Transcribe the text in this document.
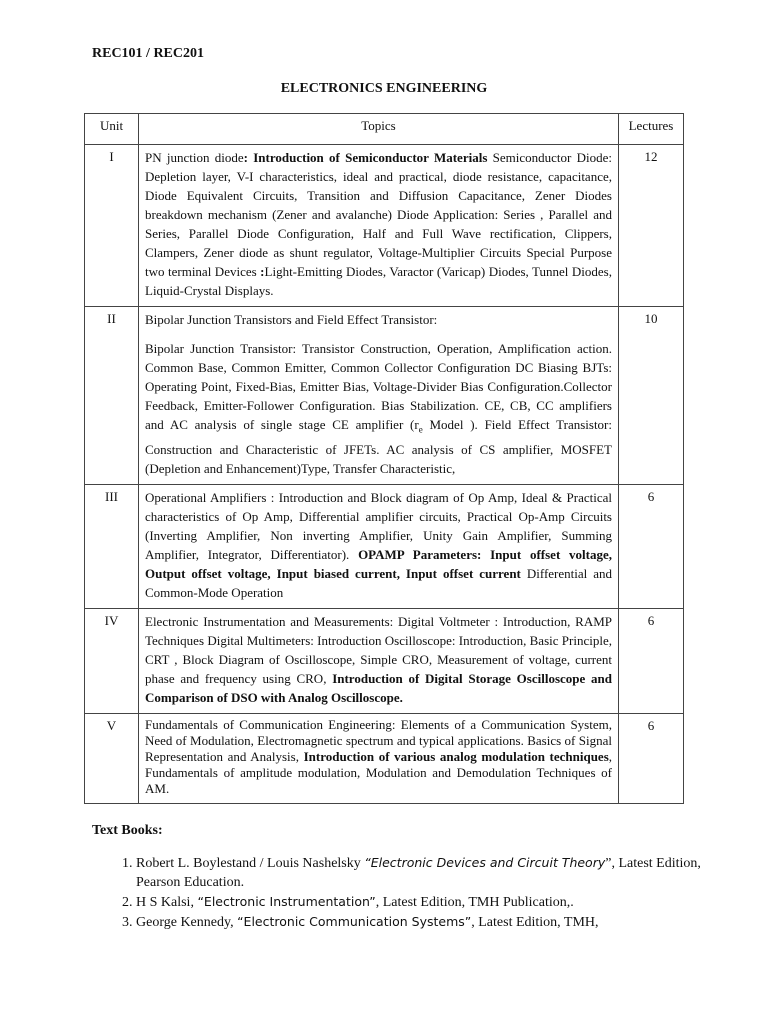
REC101 / REC201
ELECTRONICS ENGINEERING
Unit	Topics	Lectures
I	PN junction diode: Introduction of Semiconductor Materials Semiconductor Diode: Depletion layer, V-I characteristics, ideal and practical, diode resistance, capacitance, Diode Equivalent Circuits, Transition and Diffusion Capacitance, Zener Diodes breakdown mechanism (Zener and avalanche) Diode Application: Series , Parallel and Series, Parallel Diode Configuration, Half and Full Wave rectification, Clippers, Clampers, Zener diode as shunt regulator, Voltage-Multiplier Circuits Special Purpose two terminal Devices :Light-Emitting Diodes, Varactor (Varicap) Diodes, Tunnel Diodes, Liquid-Crystal Displays.	12
II	Bipolar Junction Transistors and Field Effect Transistor:

Bipolar Junction Transistor: Transistor Construction, Operation, Amplification action. Common Base, Common Emitter, Common Collector Configuration DC Biasing BJTs: Operating Point, Fixed-Bias, Emitter Bias, Voltage-Divider Bias Configuration.Collector Feedback, Emitter-Follower Configuration. Bias Stabilization. CE, CB, CC amplifiers and AC analysis of single stage CE amplifier ($r_e$ Model ). Field Effect Transistor: Construction and Characteristic of JFETs. AC analysis of CS amplifier, MOSFET (Depletion and Enhancement)Type, Transfer Characteristic,	10
III	Operational Amplifiers : Introduction and Block diagram of Op Amp, Ideal & Practical characteristics of Op Amp, Differential amplifier circuits, Practical Op-Amp Circuits (Inverting Amplifier, Non inverting Amplifier, Unity Gain Amplifier, Summing Amplifier, Integrator, Differentiator). OPAMP Parameters: Input offset voltage, Output offset voltage, Input biased current, Input offset current Differential and Common-Mode Operation	6
IV	Electronic Instrumentation and Measurements: Digital Voltmeter : Introduction, RAMP Techniques Digital Multimeters: Introduction Oscilloscope: Introduction, Basic Principle, CRT , Block Diagram of Oscilloscope, Simple CRO, Measurement of voltage, current phase and frequency using CRO, Introduction of Digital Storage Oscilloscope and Comparison of DSO with Analog Oscilloscope.	6
V	Fundamentals of Communication Engineering: Elements of a Communication System, Need of Modulation, Electromagnetic spectrum and typical applications. Basics of Signal Representation and Analysis, Introduction of various analog modulation techniques, Fundamentals of amplitude modulation, Modulation and Demodulation Techniques of AM.	6
Text Books:
1. Robert L. Boylestand / Louis Nashelsky “Electronic Devices and Circuit Theory”, Latest Edition, Pearson Education.
2. H S Kalsi, “Electronic Instrumentation”, Latest Edition, TMH Publication,.
3. George Kennedy, “Electronic Communication Systems”, Latest Edition, TMH,
